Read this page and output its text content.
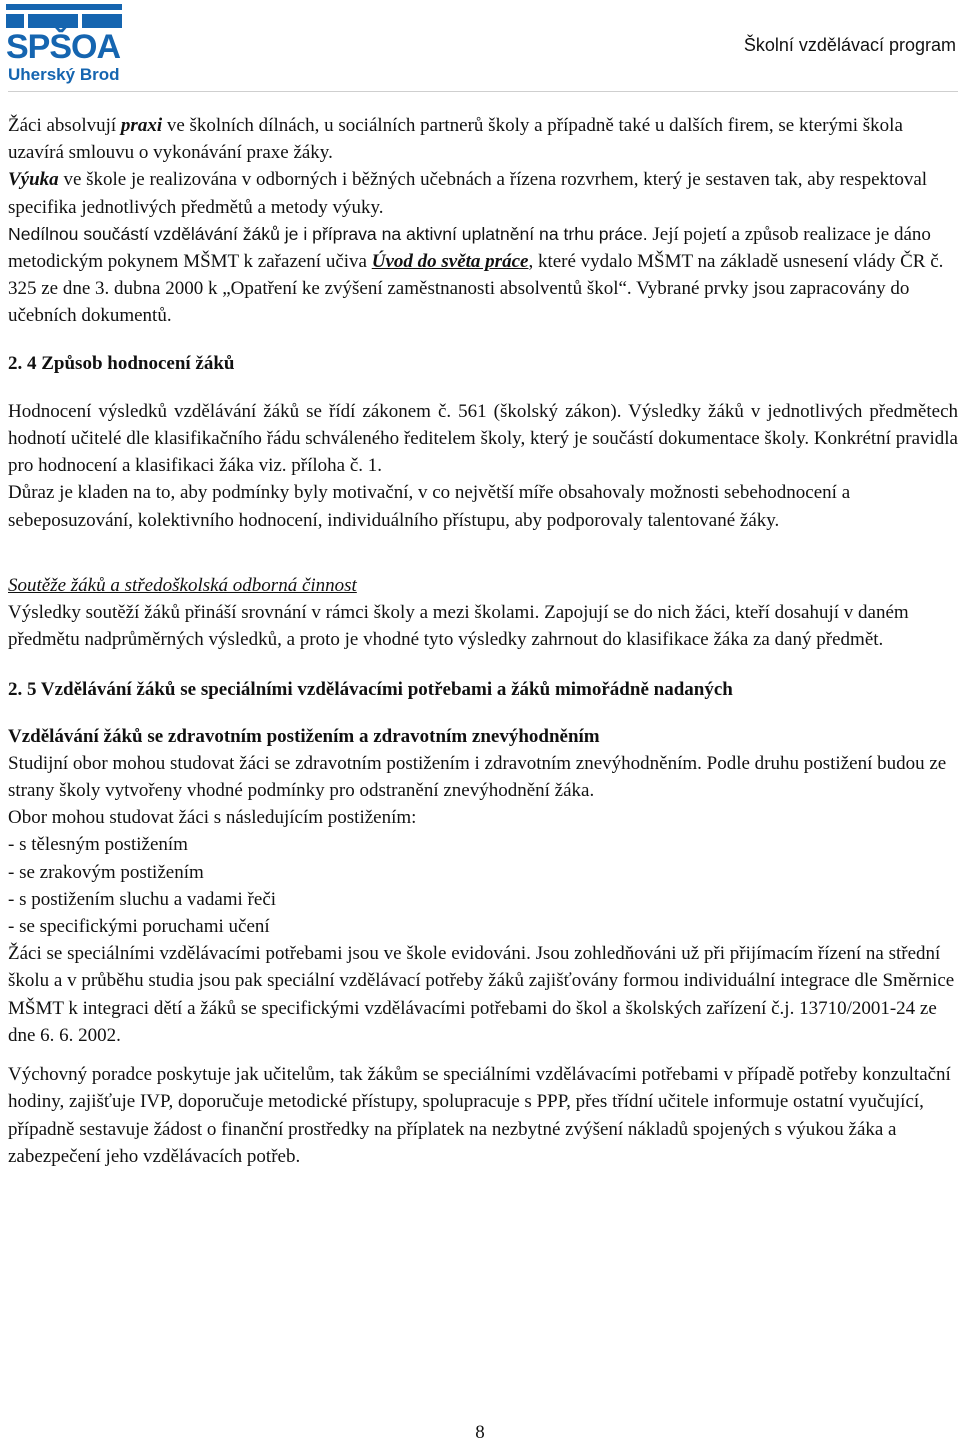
SPŠOA
Uherský Brod
Školní vzdělávací program

Žáci absolvují praxi ve školních dílnách, u sociálních partnerů školy a případně také u dalších firem, se kterými škola uzavírá smlouvu o vykonávání praxe žáky.

Výuka ve škole je realizována v odborných i běžných učebnách a řízena rozvrhem, který je sestaven tak, aby respektoval specifika jednotlivých předmětů a metody výuky.

Nedílnou součástí vzdělávání žáků je i příprava na aktivní uplatnění na trhu práce. Její pojetí a způsob realizace je dáno metodickým pokynem MŠMT k zařazení učiva Úvod do světa práce, které vydalo MŠMT na základě usnesení vlády ČR č. 325 ze dne 3. dubna 2000 k „Opatření ke zvýšení zaměstnanosti absolventů škol“. Vybrané prvky jsou zapracovány do učebních dokumentů.

2. 4 Způsob hodnocení žáků

Hodnocení výsledků vzdělávání žáků se řídí zákonem č. 561 (školský zákon). Výsledky žáků v jednotlivých předmětech hodnotí učitelé dle klasifikačního řádu schváleného ředitelem školy, který je součástí dokumentace školy. Konkrétní pravidla pro hodnocení a klasifikaci žáka viz. příloha č. 1.

Důraz je kladen na to, aby podmínky byly motivační, v co největší míře obsahovaly možnosti sebehodnocení a sebeposuzování, kolektivního hodnocení, individuálního přístupu, aby podporovaly talentované žáky.

Soutěže žáků a středoškolská odborná činnost

Výsledky soutěží žáků přináší srovnání v rámci školy a mezi školami. Zapojují se do nich žáci, kteří dosahují v daném předmětu nadprůměrných výsledků, a proto je vhodné tyto výsledky zahrnout do klasifikace žáka za daný předmět.

2. 5 Vzdělávání žáků se speciálními vzdělávacími potřebami a žáků mimořádně nadaných
Vzdělávání žáků se zdravotním postižením a zdravotním znevýhodněním

Studijní obor mohou studovat žáci se zdravotním postižením i zdravotním znevýhodněním. Podle druhu postižení budou ze strany školy vytvořeny vhodné podmínky pro odstranění znevýhodnění žáka.

Obor mohou studovat žáci s následujícím postižením:

- s tělesným postižením

- se zrakovým postižením

- s postižením sluchu a vadami řeči

- se specifickými poruchami učení

Žáci se speciálními vzdělávacími potřebami jsou ve škole evidováni. Jsou zohledňováni už při přijímacím řízení na střední školu a v průběhu studia jsou pak speciální vzdělávací potřeby žáků zajišťovány formou individuální integrace dle Směrnice MŠMT k integraci dětí a žáků se specifickými vzdělávacími potřebami do škol a školských zařízení č.j. 13710/2001-24 ze dne 6. 6. 2002.

Výchovný poradce poskytuje jak učitelům, tak žákům se speciálními vzdělávacími potřebami v případě potřeby konzultační hodiny, zajišťuje IVP, doporučuje metodické přístupy, spolupracuje s PPP, přes třídní učitele informuje ostatní vyučující, případně sestavuje žádost o finanční prostředky na příplatek na nezbytné zvýšení nákladů spojených s výukou žáka a zabezpečení jeho vzdělávacích potřeb.

8
